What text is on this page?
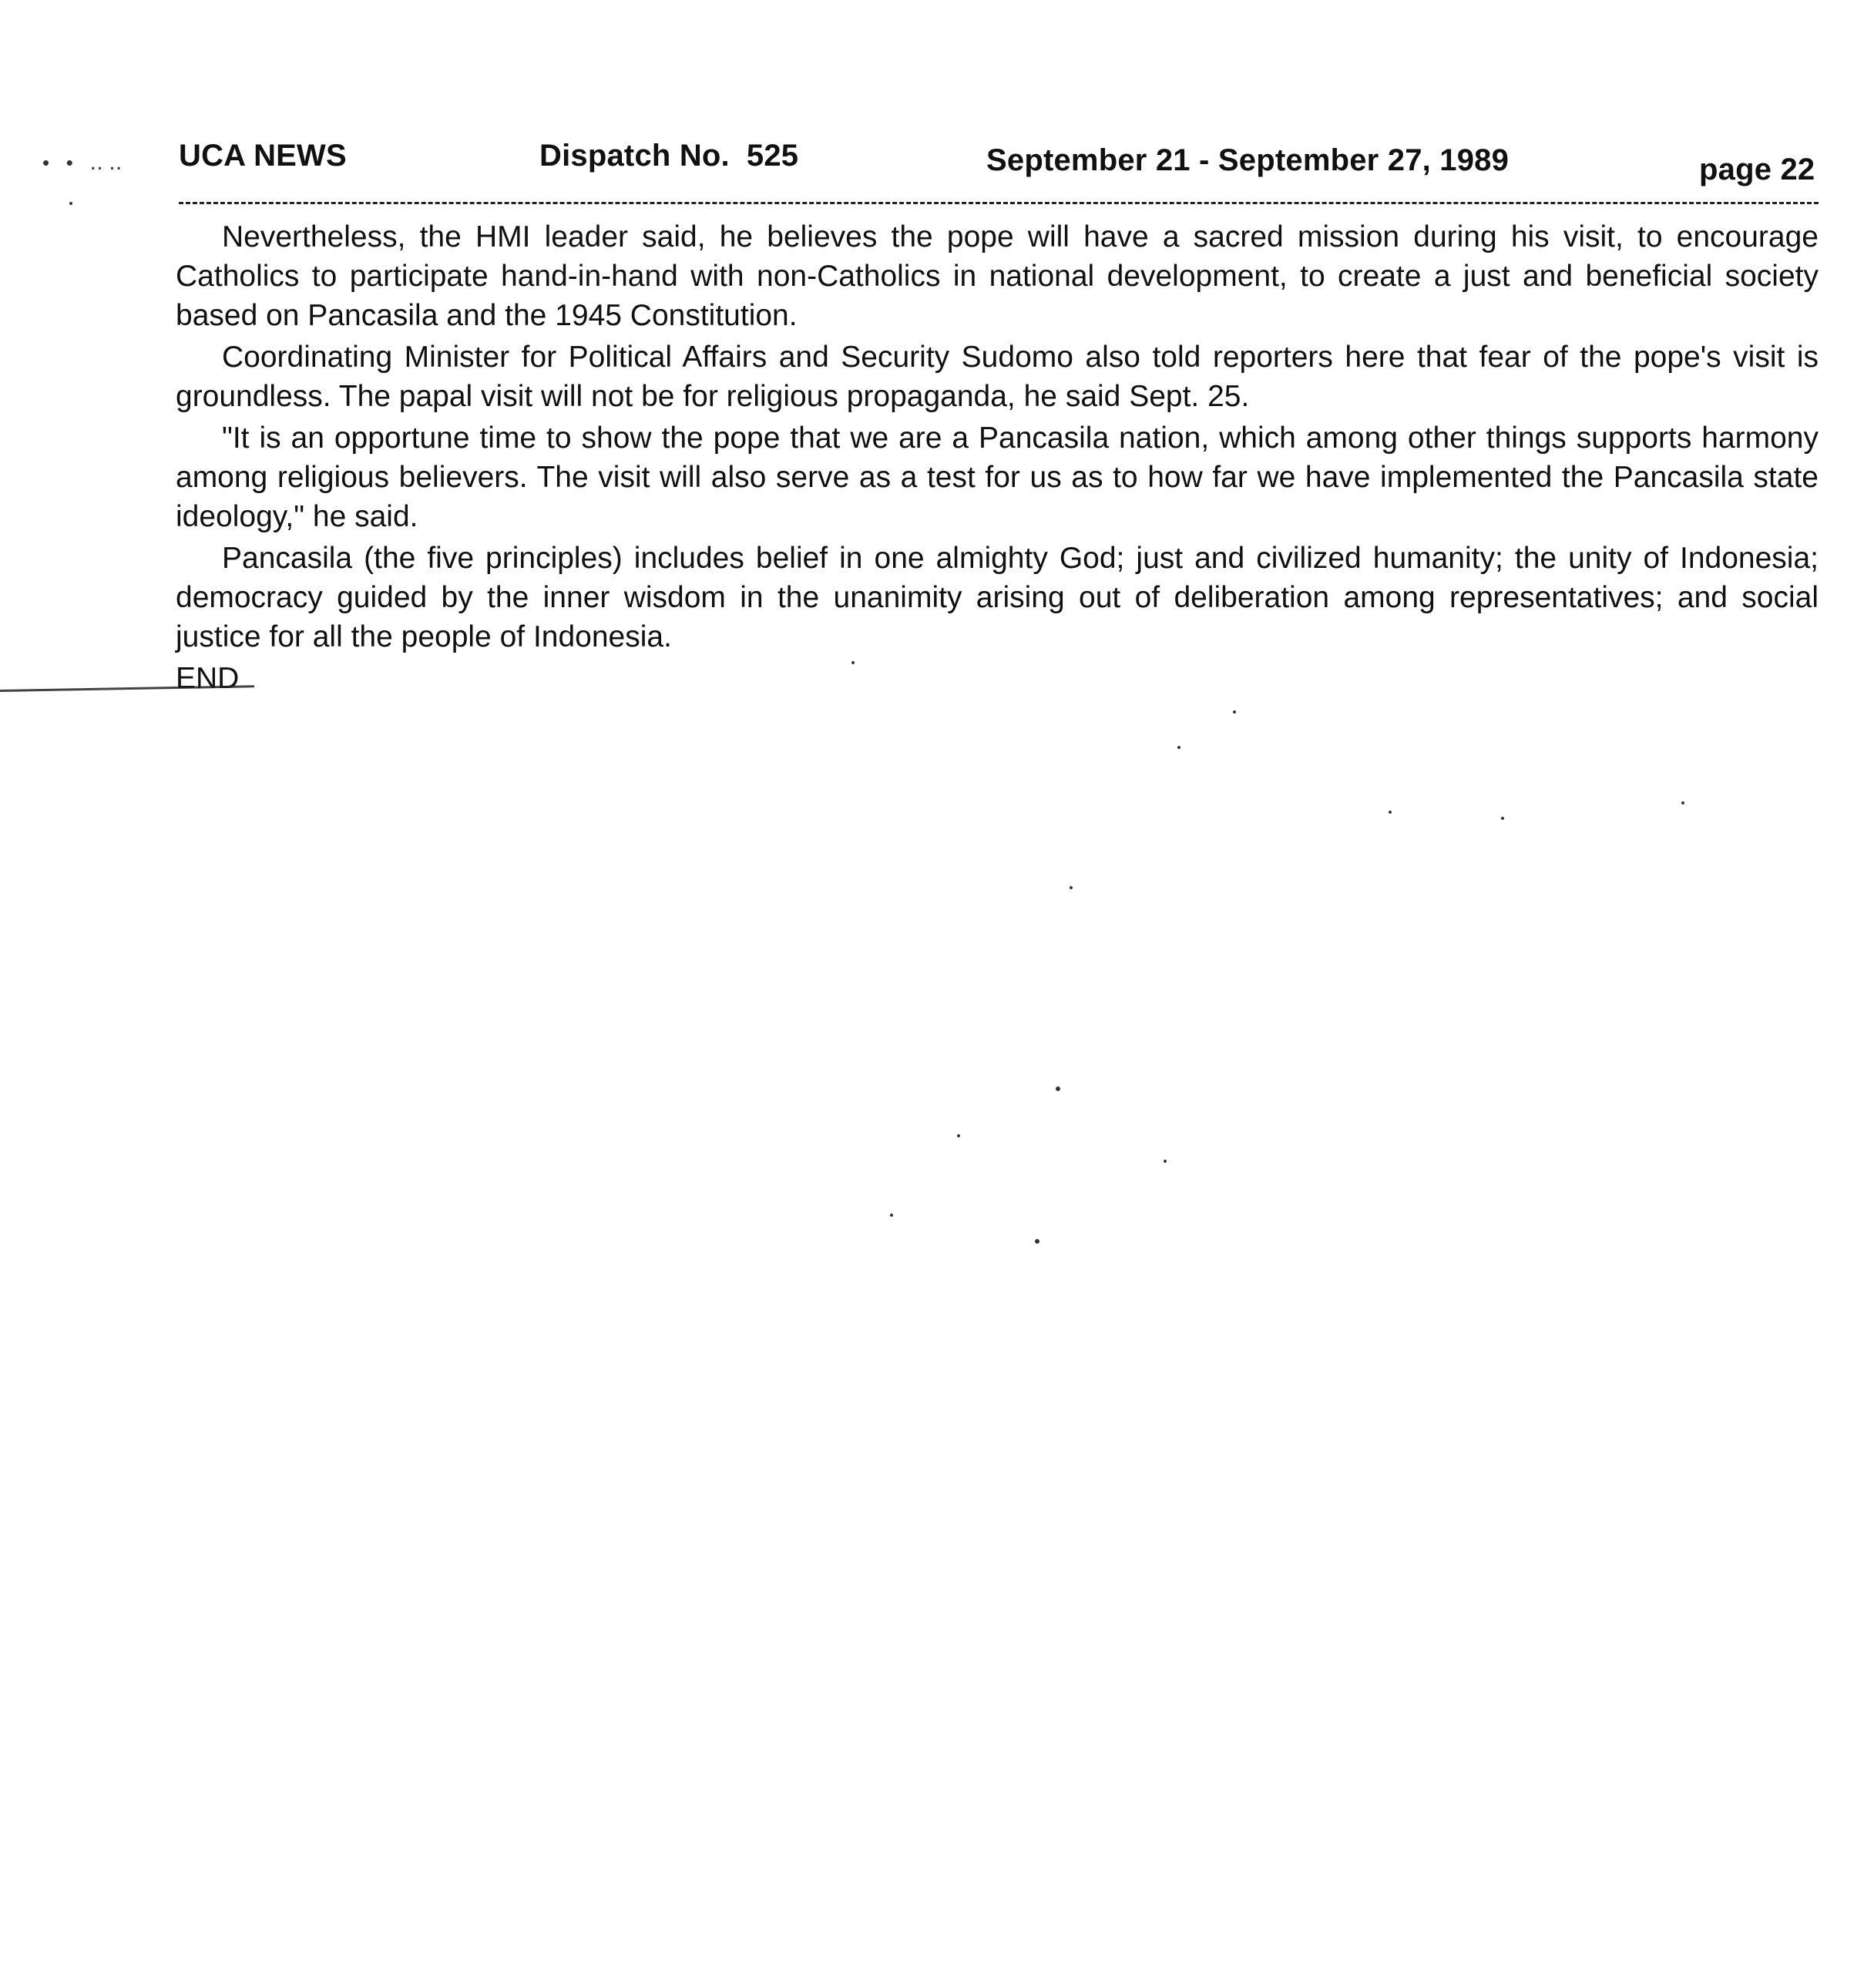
•   •   ‥ ‥ UCA NEWS	Dispatch No. 525	September 21 - September 27, 1989	page 22

Nevertheless, the HMI leader said, he believes the pope will have a sacred mission during his visit, to encourage Catholics to participate hand-in-hand with non-Catholics in national development, to create a just and beneficial society based on Pancasila and the 1945 Constitution.

Coordinating Minister for Political Affairs and Security Sudomo also told reporters here that fear of the pope's visit is groundless. The papal visit will not be for religious propaganda, he said Sept. 25.

"It is an opportune time to show the pope that we are a Pancasila nation, which among other things supports harmony among religious believers. The visit will also serve as a test for us as to how far we have implemented the Pancasila state ideology," he said.

Pancasila (the five principles) includes belief in one almighty God; just and civilized humanity; the unity of Indonesia; democracy guided by the inner wisdom in the unanimity arising out of deliberation among representatives; and social justice for all the people of Indonesia.

END
